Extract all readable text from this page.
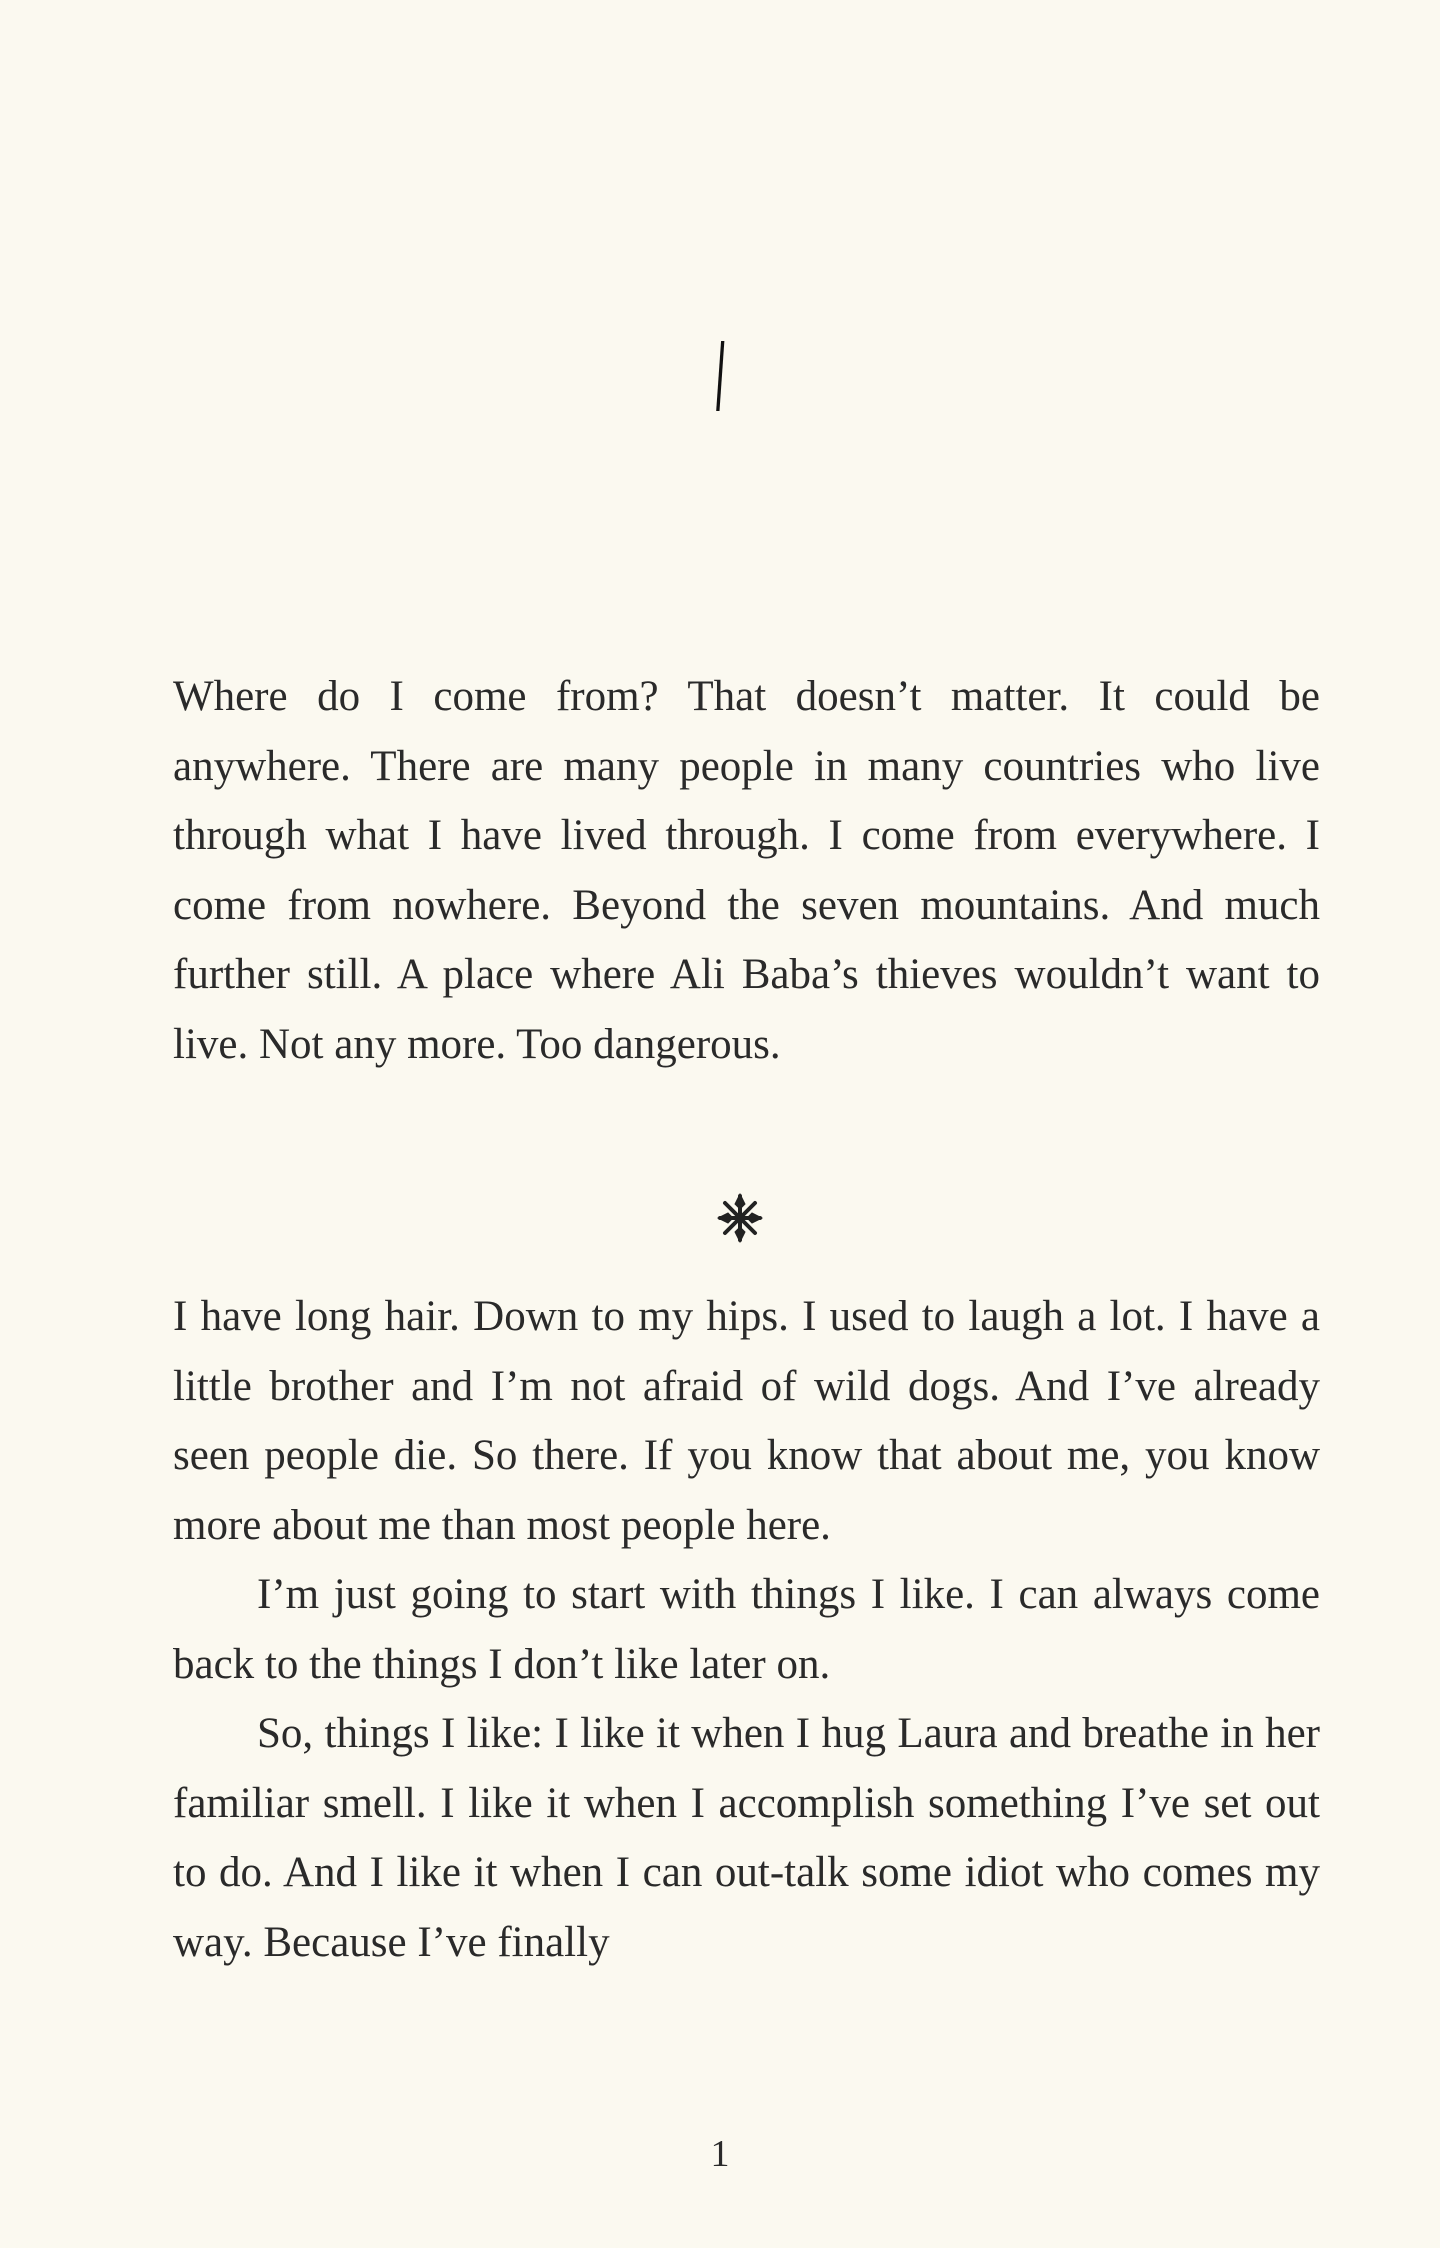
I

Where do I come from? That doesn’t matter. It could be anywhere. There are many people in many countries who live through what I have lived through. I come from everywhere. I come from nowhere. Beyond the seven mountains. And much further still. A place where Ali Baba’s thieves wouldn’t want to live. Not any more. Too dangerous.

I have long hair. Down to my hips. I used to laugh a lot. I have a little brother and I’m not afraid of wild dogs. And I’ve already seen people die. So there. If you know that about me, you know more about me than most people here.

I’m just going to start with things I like. I can always come back to the things I don’t like later on.

So, things I like: I like it when I hug Laura and breathe in her familiar smell. I like it when I accomplish something I’ve set out to do. And I like it when I can out-talk some idiot who comes my way. Because I’ve finally

1
